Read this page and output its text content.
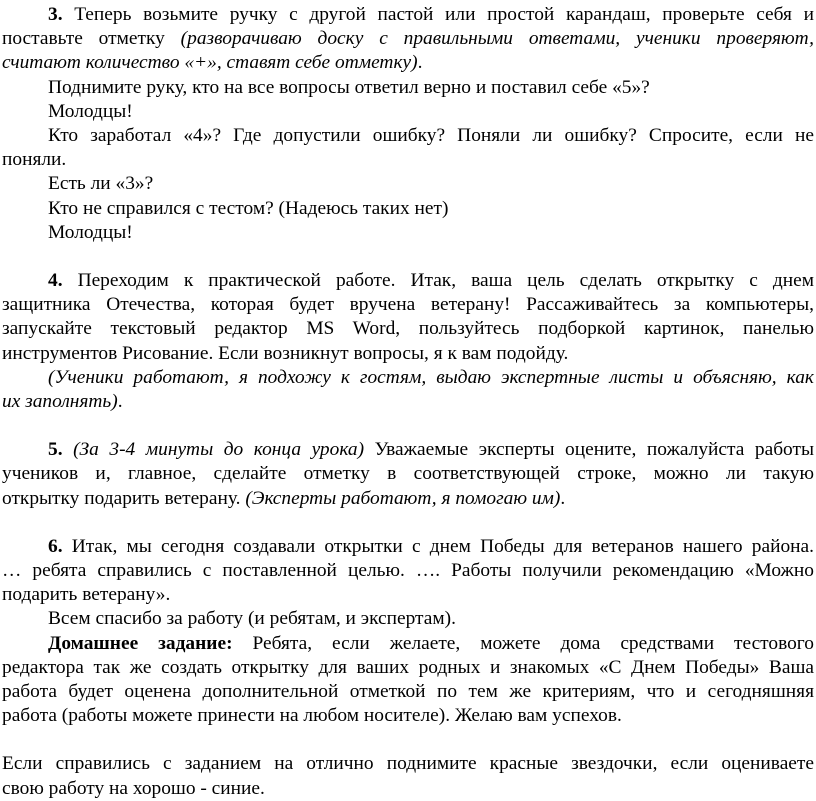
3. Теперь возьмите ручку с другой пастой или простой карандаш, проверьте себя и

поставьте отметку (разворачиваю доску с правильными ответами, ученики проверяют,

считают количество «+», ставят себе отметку).

Поднимите руку, кто на все вопросы ответил верно и поставил себе «5»?

Молодцы!

Кто заработал «4»? Где допустили ошибку? Поняли ли ошибку? Спросите, если не

поняли.

Есть ли «3»?

Кто не справился с тестом? (Надеюсь таких нет)

Молодцы!

4. Переходим к практической работе. Итак, ваша цель сделать открытку с днем

защитника Отечества, которая будет вручена ветерану! Рассаживайтесь за компьютеры,

запускайте текстовый редактор MS Word, пользуйтесь подборкой картинок, панелью

инструментов Рисование. Если возникнут вопросы, я к вам подойду.

(Ученики работают, я подхожу к гостям, выдаю экспертные листы и объясняю, как

их заполнять).

5. (За 3-4 минуты до конца урока) Уважаемые эксперты оцените, пожалуйста работы

учеников и, главное, сделайте отметку в соответствующей строке, можно ли такую

открытку подарить ветерану. (Эксперты работают, я помогаю им).

6. Итак, мы сегодня создавали открытки с днем Победы для ветеранов нашего района.

… ребята справились с поставленной целью. …. Работы получили рекомендацию «Можно

подарить ветерану».

Всем спасибо за работу (и ребятам, и экспертам).

Домашнее задание: Ребята, если желаете, можете дома средствами тестового

редактора так же создать открытку для ваших родных и знакомых «С Днем Победы» Ваша

работа будет оценена дополнительной отметкой по тем же критериям, что и сегодняшняя

работа (работы можете принести на любом носителе). Желаю вам успехов.

Если справились с заданием на отлично поднимите красные звездочки, если оцениваете

свою работу на хорошо - синие.
